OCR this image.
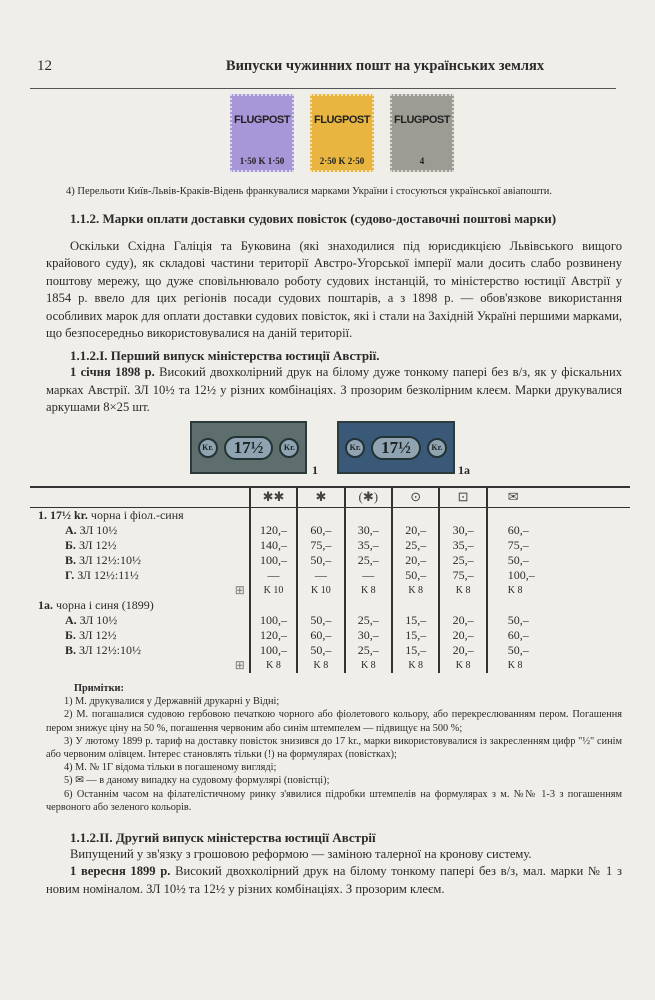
12	Випуски чужинних пошт на українських землях
FLUGPOST
1·50 K 1·50
FLUGPOST
2·50 K 2·50
FLUGPOST
4
4) Перельоти Київ-Львів-Краків-Відень франкувалися марками України і стосуються української авіапошти.
1.1.2. Марки оплати доставки судових повісток (судово-доставочні поштові марки)

Оскільки Східна Галіція та Буковина (які знаходилися під юрисдикцією Львівського вищого крайового суду), як складові частини території Австро-Угорської імперії мали досить слабо розвинену поштову мережу, що дуже сповільнювало роботу судових інстанцій, то міністерство юстиції Австрії у 1854 р. ввело для цих регіонів посади судових поштарів, а з 1898 р. — обов'язкове використання особливих марок для оплати доставки судових повісток, які і стали на Західній Україні першими марками, що безпосередньо використовувалися на даній території.

1.1.2.І. Перший випуск міністерства юстиції Австрії.

1 січня 1898 р. Високий двохколірний друк на білому дуже тонкому папері без в/з, як у фіскальних марках Австрії. ЗЛ 10½ та 12½ у різних комбінаціях. З прозорим безколірним клеєм. Марки друкувалися аркушами 8×25 шт.

Kr.	17½	Kr.
1
Kr.	17½	Kr.
1a
	✱✱	✱	(✱)	⊙	⊡	✉
1. 17½ kr. чорна і фіол.-синя						
А. ЗЛ 10½	120,–	60,–	30,–	20,–	30,–	60,–
Б. ЗЛ 12½	140,–	75,–	35,–	25,–	35,–	75,–
В. ЗЛ 12½:10½	100,–	50,–	25,–	20,–	25,–	50,–
Г. ЗЛ 12½:11½	—	—	—	50,–	75,–	100,–
⊞	K 10	K 10	K 8	K 8	K 8	K 8
1a. чорна і синя (1899)						
А. ЗЛ 10½	100,–	50,–	25,–	15,–	20,–	50,–
Б. ЗЛ 12½	120,–	60,–	30,–	15,–	20,–	60,–
В. ЗЛ 12½:10½	100,–	50,–	25,–	15,–	20,–	50,–
⊞	K 8	K 8	K 8	K 8	K 8	K 8
Примітки:
1) М. друкувалися у Державній друкарні у Відні;
2) М. погашалися судовою гербовою печаткою чорного або фіолетового кольору, або перекреслюванням пером. Погашення пером знижує ціну на 50 %, погашення червоним або синім штемпелем — підвищує на 500 %;
3) У лютому 1899 р. тариф на доставку повісток знизився до 17 kr., марки використовувалися із закресленням цифр "½" синім або червоним олівцем. Інтерес становлять тільки (!) на формулярах (повістках);
4) М. № 1Г відома тільки в погашеному вигляді;
5) ✉ — в даному випадку на судовому формулярі (повістці);
6) Останнім часом на філателістичному ринку з'явилися підробки штемпелів на формулярах з м. №№ 1-3 з погашенням червоного або зеленого кольорів.
1.1.2.ІІ. Другий випуск міністерства юстиції Австрії

Випущений у зв'язку з грошовою реформою — заміною талерної на кронову систему.

1 вересня 1899 р. Високий двохколірний друк на білому тонкому папері без в/з, мал. марки № 1 з новим номіналом. ЗЛ 10½ та 12½ у різних комбінаціях. З прозорим клеєм.
